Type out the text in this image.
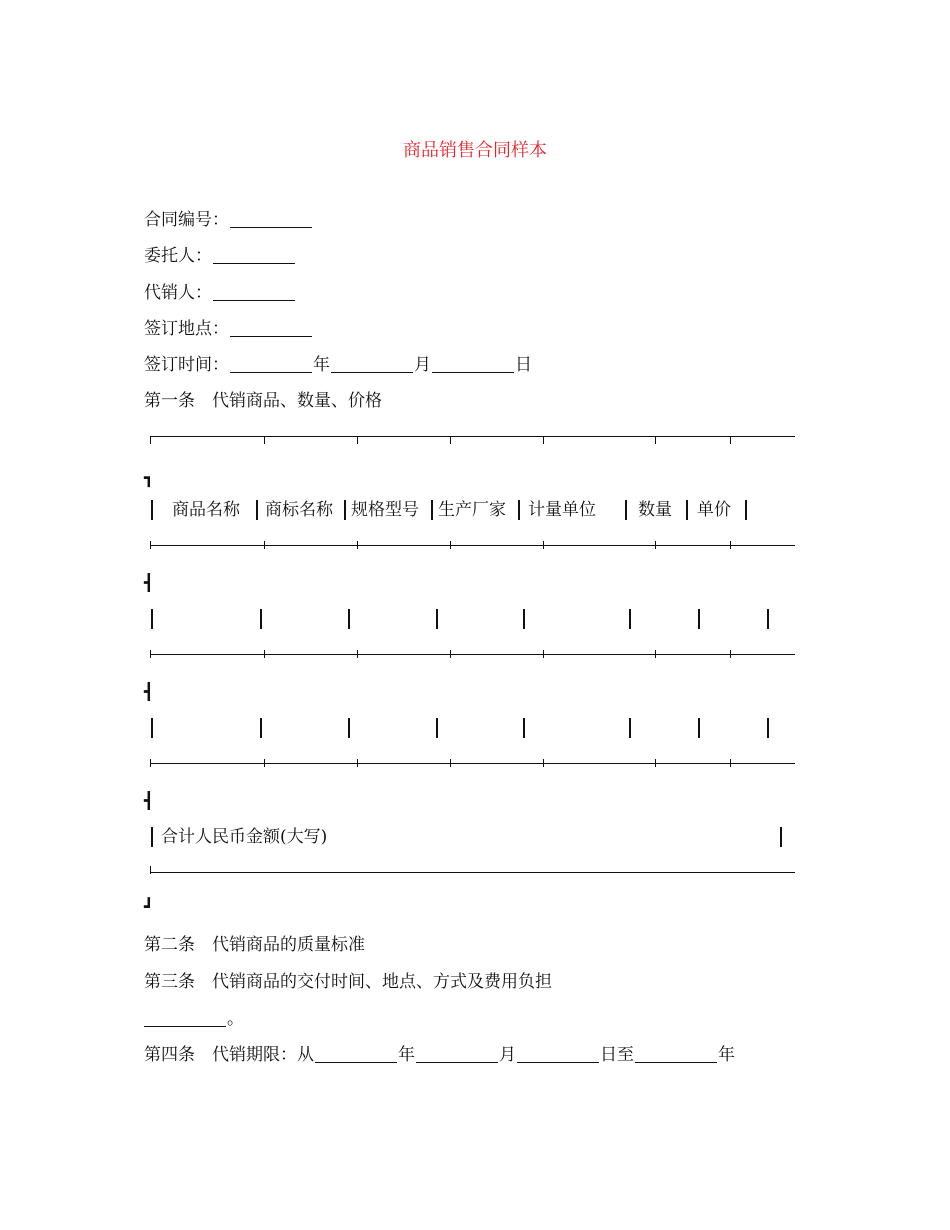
商品销售合同样本
合同编号：
委托人：
代销人：
签订地点：
签订时间：	年	月	日
第一条　代销商品、数量、价格
┓
商品名称 商标名称 规格型号 生产厂家 计量单位 数量 单价
┫
┫
┫
合计人民币金额(大写)
┛
第二条　代销商品的质量标准
第三条　代销商品的交付时间、地点、方式及费用负担
。
第四条　代销期限：从	年	月	日至	年
